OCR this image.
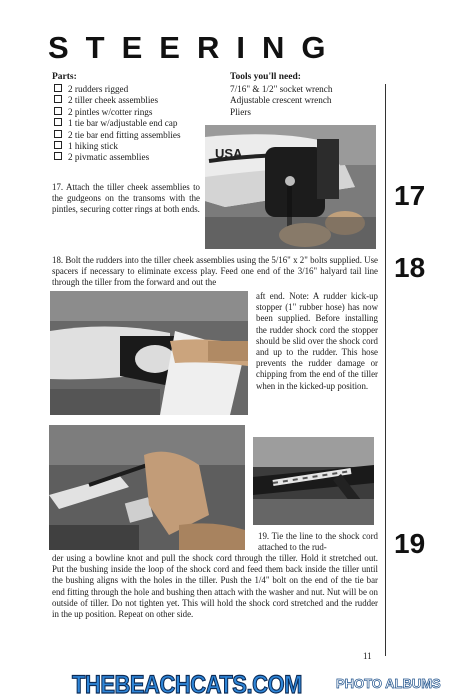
STEERING
Parts:
2 rudders rigged
2 tiller cheek assemblies
2 pintles w/cotter rings
1 tie bar w/adjustable end cap
2 tie bar end fitting assemblies
1 hiking stick
2 pivmatic assemblies
Tools you'll need:
7/16" & 1/2" socket wrench
Adjustable crescent wrench
Pliers

17. Attach the tiller cheek assemblies to the gudgeons on the transoms with the pintles, securing cotter rings at both ends.

USA
17

18. Bolt the rudders into the tiller cheek assemblies using the 5/16" x 2" bolts supplied. Use spacers if necessary to eliminate excess play. Feed one end of the 3/16" halyard tail line through the tiller from the forward and out the	18

aft end. Note: A rudder kick-up stopper (1" rubber hose) has now been supplied. Before installing the rudder shock cord the stopper should be slid over the shock cord and up to the rudder. This hose prevents the rudder damage or chipping from the end of the tiller when in the kicked-up position.

19. Tie the line to the shock cord attached to the rud-

der using a bowline knot and pull the shock cord through the tiller. Hold it stretched out. Put the bushing inside the loop of the shock cord and feed them back inside the tiller until the bushing aligns with the holes in the tiller. Push the 1/4" bolt on the end of the tie bar end fitting through the hole and bushing then attach with the washer and nut. Nut will be on outside of tiller. Do not tighten yet. This will hold the shock cord stretched and the rudder in the up position. Repeat on other side.

19
11
THEBEACHCATS.COM	PHOTO ALBUMS
